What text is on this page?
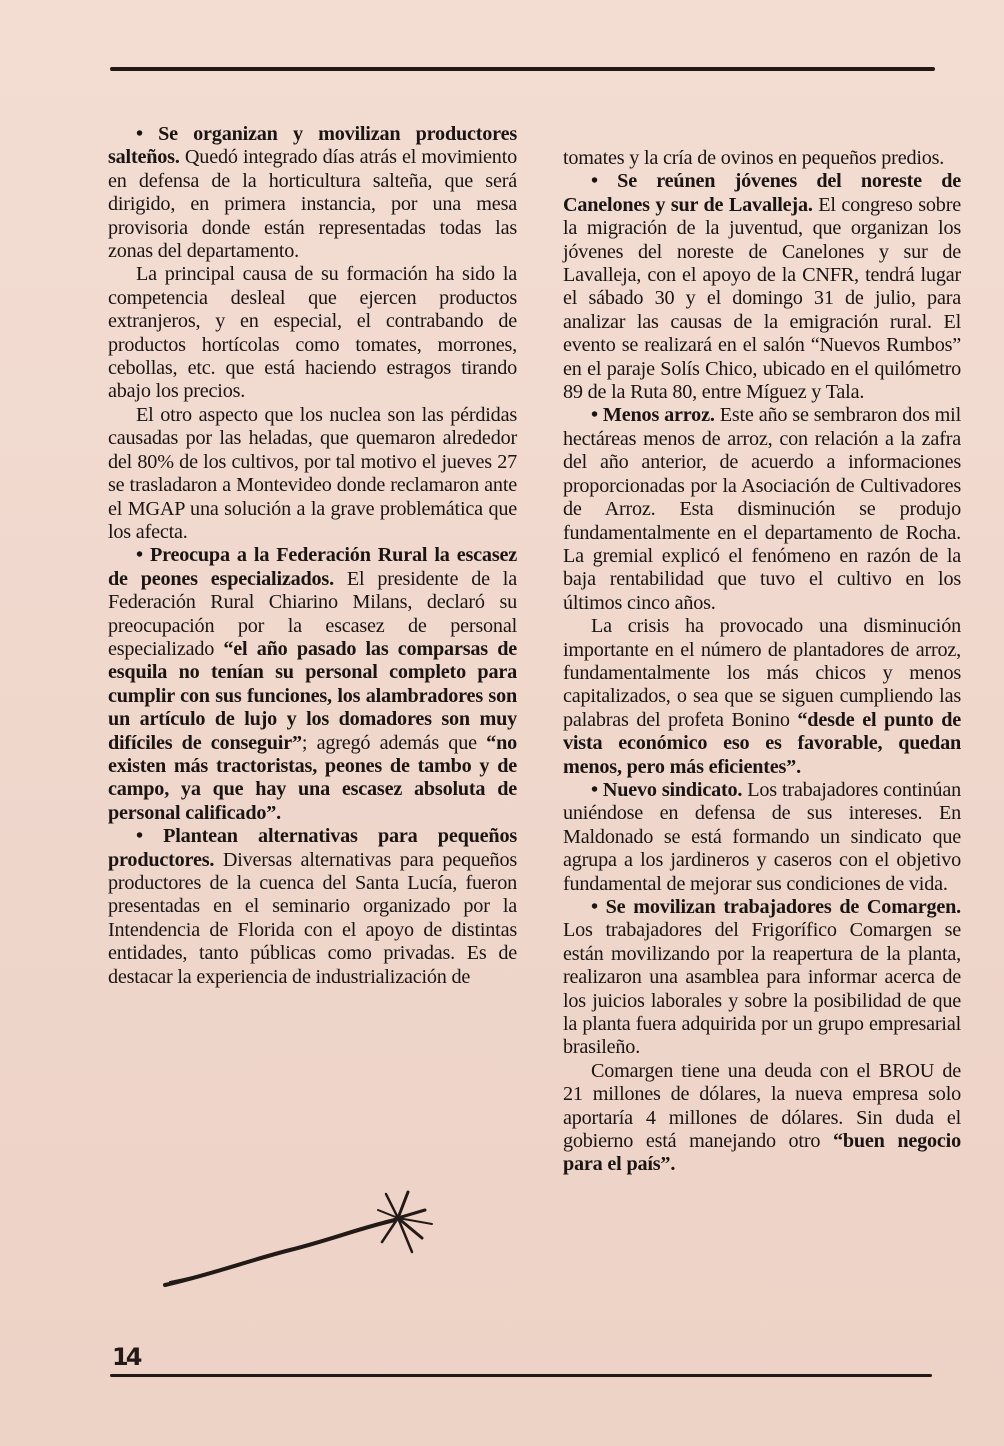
• Se organizan y movilizan productores salteños. Quedó integrado días atrás el movimiento en defensa de la horticultura salteña, que será dirigido, en primera instancia, por una mesa provisoria donde están representadas todas las zonas del departamento.

La principal causa de su formación ha sido la competencia desleal que ejercen productos extranjeros, y en especial, el contrabando de productos hortícolas como tomates, morrones, cebollas, etc. que está haciendo estragos tirando abajo los precios.

El otro aspecto que los nuclea son las pérdidas causadas por las heladas, que quemaron alrededor del 80% de los cultivos, por tal motivo el jueves 27 se trasladaron a Montevideo donde reclamaron ante el MGAP una solución a la grave problemática que los afecta.

• Preocupa a la Federación Rural la escasez de peones especializados. El presidente de la Federación Rural Chiarino Milans, declaró su preocupación por la escasez de personal especializado “el año pasado las comparsas de esquila no tenían su personal completo para cumplir con sus funciones, los alambradores son un artículo de lujo y los domadores son muy difíciles de conseguir”; agregó además que “no existen más tractoristas, peones de tambo y de campo, ya que hay una escasez absoluta de personal calificado”.

• Plantean alternativas para pequeños productores. Diversas alternativas para pequeños productores de la cuenca del Santa Lucía, fueron presentadas en el seminario organizado por la Intendencia de Florida con el apoyo de distintas entidades, tanto públicas como privadas. Es de destacar la experiencia de industrialización de

tomates y la cría de ovinos en pequeños predios.

• Se reúnen jóvenes del noreste de Canelones y sur de Lavalleja. El congreso sobre la migración de la juventud, que organizan los jóvenes del noreste de Canelones y sur de Lavalleja, con el apoyo de la CNFR, tendrá lugar el sábado 30 y el domingo 31 de julio, para analizar las causas de la emigración rural. El evento se realizará en el salón “Nuevos Rumbos” en el paraje Solís Chico, ubicado en el quilómetro 89 de la Ruta 80, entre Míguez y Tala.

• Menos arroz. Este año se sembraron dos mil hectáreas menos de arroz, con relación a la zafra del año anterior, de acuerdo a informaciones proporcionadas por la Asociación de Cultivadores de Arroz. Esta disminución se produjo fundamentalmente en el departamento de Rocha. La gremial explicó el fenómeno en razón de la baja rentabilidad que tuvo el cultivo en los últimos cinco años.

La crisis ha provocado una disminución importante en el número de plantadores de arroz, fundamentalmente los más chicos y menos capitalizados, o sea que se siguen cumpliendo las palabras del profeta Bonino “desde el punto de vista económico eso es favorable, quedan menos, pero más eficientes”.

• Nuevo sindicato. Los trabajadores continúan uniéndose en defensa de sus intereses. En Maldonado se está formando un sindicato que agrupa a los jardineros y caseros con el objetivo fundamental de mejorar sus condiciones de vida.

• Se movilizan trabajadores de Comargen. Los trabajadores del Frigorífico Comargen se están movilizando por la reapertura de la planta, realizaron una asamblea para informar acerca de los juicios laborales y sobre la posibilidad de que la planta fuera adquirida por un grupo empresarial brasileño.

Comargen tiene una deuda con el BROU de 21 millones de dólares, la nueva empresa solo aportaría 4 millones de dólares. Sin duda el gobierno está manejando otro “buen negocio para el país”.

14
